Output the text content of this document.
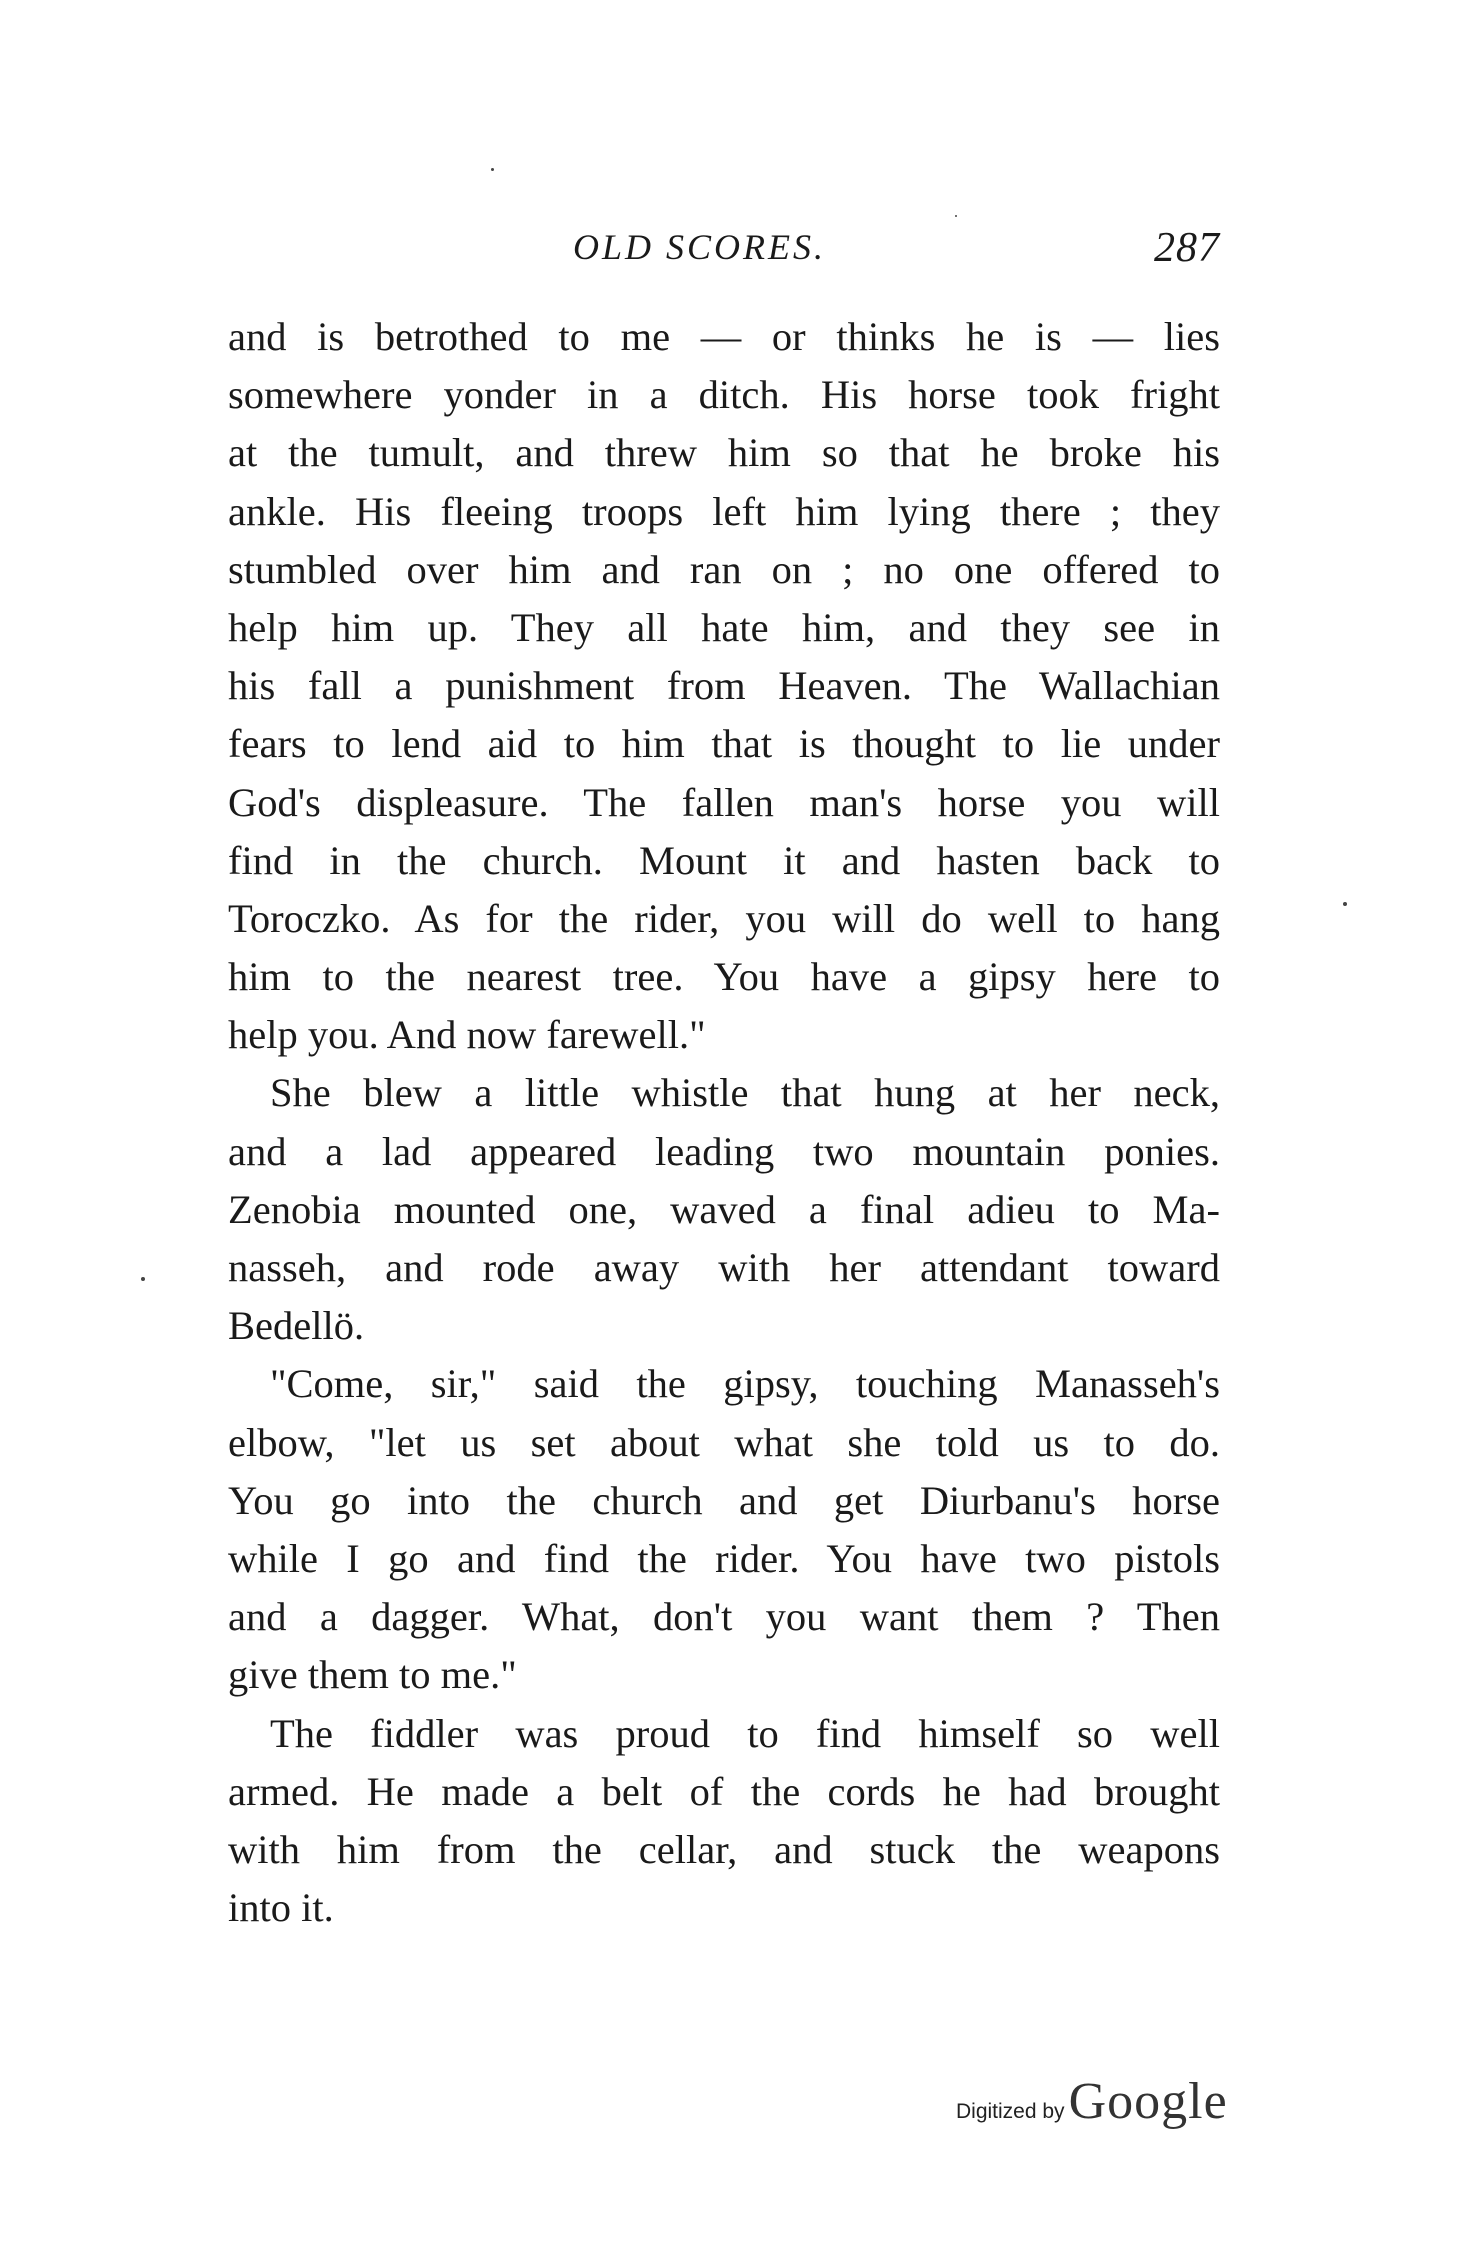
OLD SCORES.	287
and is betrothed to me — or thinks he is — lies
somewhere yonder in a ditch. His horse took fright
at the tumult, and threw him so that he broke his
ankle. His fleeing troops left him lying there ; they
stumbled over him and ran on ; no one offered to
help him up. They all hate him, and they see in
his fall a punishment from Heaven. The Wallachian
fears to lend aid to him that is thought to lie under
God's displeasure. The fallen man's horse you will
find in the church. Mount it and hasten back to
Toroczko. As for the rider, you will do well to hang
him to the nearest tree. You have a gipsy here to
help you. And now farewell."
She blew a little whistle that hung at her neck,
and a lad appeared leading two mountain ponies.
Zenobia mounted one, waved a final adieu to Ma-
nasseh, and rode away with her attendant toward
Bedellö.
"Come, sir," said the gipsy, touching Manasseh's
elbow, "let us set about what she told us to do.
You go into the church and get Diurbanu's horse
while I go and find the rider. You have two pistols
and a dagger. What, don't you want them ? Then
give them to me."
The fiddler was proud to find himself so well
armed. He made a belt of the cords he had brought
with him from the cellar, and stuck the weapons
into it.
Digitized by Google
